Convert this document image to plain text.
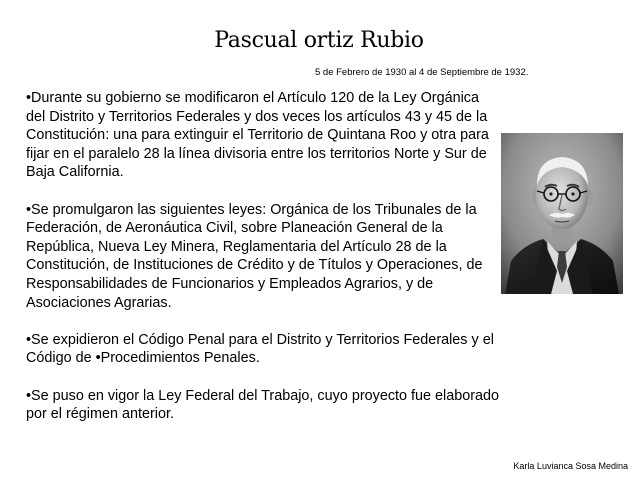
Pascual ortiz Rubio
5 de Febrero de 1930 al 4 de Septiembre de 1932.

•Durante su gobierno se modificaron el Artículo 120 de la Ley Orgánica del Distrito y Territorios Federales y dos veces los artículos 43 y 45 de la Constitución: una para extinguir el Territorio de Quintana Roo y otra para fijar en el paralelo 28 la línea divisoria entre los territorios Norte y Sur de Baja California.

•Se promulgaron las siguientes leyes: Orgánica de los Tribunales de la Federación, de Aeronáutica Civil, sobre Planeación General de la República, Nueva Ley Minera, Reglamentaria del Artículo 28 de la Constitución, de Instituciones de Crédito y de Títulos y Operaciones, de Responsabilidades de Funcionarios y Empleados Agrarios, y de Asociaciones Agrarias.

•Se expidieron el Código Penal para el Distrito y Territorios Federales y el Código de •Procedimientos Penales.

•Se puso en vigor la Ley Federal del Trabajo, cuyo proyecto fue elaborado por el régimen anterior.

Karla Luvianca Sosa Medina
